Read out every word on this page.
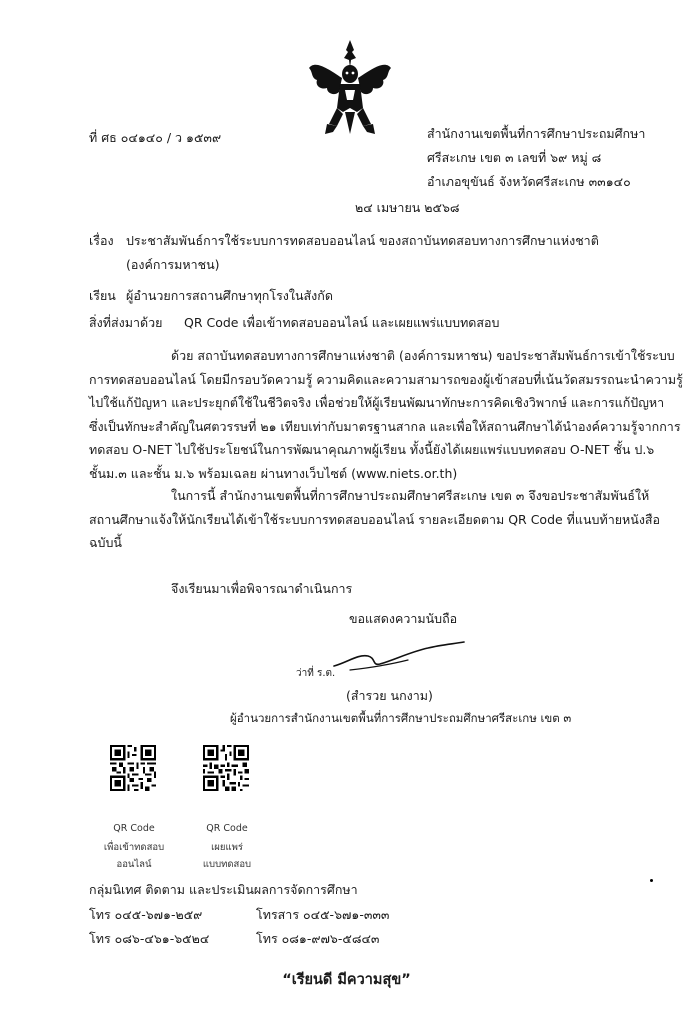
ที่ ศธ ๐๔๑๔๐ / ว ๑๕๓๙	สำนักงานเขตพื้นที่การศึกษาประถมศึกษา
ศรีสะเกษ เขต ๓ เลขที่ ๖๙ หมู่ ๘
อำเภอขุขันธ์ จังหวัดศรีสะเกษ ๓๓๑๔๐
๒๔ เมษายน ๒๕๖๘
เรื่อง ประชาสัมพันธ์การใช้ระบบการทดสอบออนไลน์ ของสถาบันทดสอบทางการศึกษาแห่งชาติ
(องค์การมหาชน)
เรียน ผู้อำนวยการสถานศึกษาทุกโรงในสังกัด
สิ่งที่ส่งมาด้วย QR Code เพื่อเข้าทดสอบออนไลน์ และเผยแพร่แบบทดสอบ
ด้วย สถาบันทดสอบทางการศึกษาแห่งชาติ (องค์การมหาชน) ขอประชาสัมพันธ์การเข้าใช้ระบบ
การทดสอบออนไลน์ โดยมีกรอบวัดความรู้ ความคิดและความสามารถของผู้เข้าสอบที่เน้นวัดสมรรถนะนำความรู้
ไปใช้แก้ปัญหา และประยุกต์ใช้ในชีวิตจริง เพื่อช่วยให้ผู้เรียนพัฒนาทักษะการคิดเชิงวิพากษ์ และการแก้ปัญหา
ซึ่งเป็นทักษะสำคัญในศตวรรษที่ ๒๑ เทียบเท่ากับมาตรฐานสากล และเพื่อให้สถานศึกษาได้นำองค์ความรู้จากการ
ทดสอบ O-NET ไปใช้ประโยชน์ในการพัฒนาคุณภาพผู้เรียน ทั้งนี้ยังได้เผยแพร่แบบทดสอบ O-NET ชั้น ป.๖
ชั้นม.๓ และชั้น ม.๖ พร้อมเฉลย ผ่านทางเว็บไซต์ (www.niets.or.th)
ในการนี้ สำนักงานเขตพื้นที่การศึกษาประถมศึกษาศรีสะเกษ เขต ๓ จึงขอประชาสัมพันธ์ให้
สถานศึกษาแจ้งให้นักเรียนได้เข้าใช้ระบบการทดสอบออนไลน์ รายละเอียดตาม QR Code ที่แนบท้ายหนังสือ
ฉบับนี้
จึงเรียนมาเพื่อพิจารณาดำเนินการ
ขอแสดงความนับถือ
ว่าที่ ร.ต.
(สำรวย นกงาม)
ผู้อำนวยการสำนักงานเขตพื้นที่การศึกษาประถมศึกษาศรีสะเกษ เขต ๓
QR Code
เพื่อเข้าทดสอบ
ออนไลน์
QR Code
เผยแพร่
แบบทดสอบ
กลุ่มนิเทศ ติดตาม และประเมินผลการจัดการศึกษา
โทร ๐๔๕-๖๗๑-๒๕๙	โทรสาร ๐๔๕-๖๗๑-๓๓๓
โทร ๐๘๖-๔๖๑-๖๕๒๔	โทร ๐๘๑-๙๗๖-๕๘๔๓
“เรียนดี มีความสุข”
